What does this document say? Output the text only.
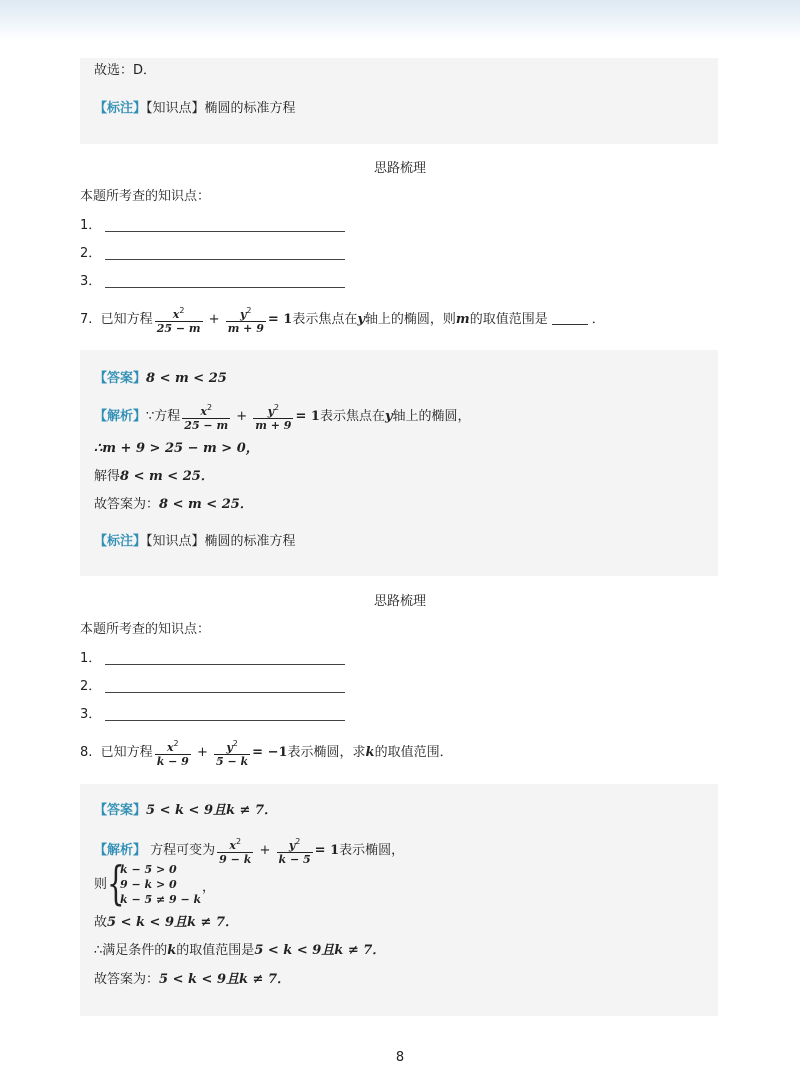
故选：D．
【标注】【知识点】椭圆的标准方程
思路梳理
本题所考查的知识点：
1．
2．
3．
7. 已知方程 $\frac{x^2}{25 - m} + \frac{y^2}{m + 9} = 1$表示焦点在y轴上的椭圆，则m的取值范围是	．
【答案】8 < m < 25
【解析】∵方程 $\frac{x^2}{25 - m} + \frac{y^2}{m + 9} = 1$表示焦点在y轴上的椭圆，
∴m + 9 > 25 − m > 0，
解得8 < m < 25．
故答案为：8 < m < 25．
【标注】【知识点】椭圆的标准方程
思路梳理
本题所考查的知识点：
1．
2．
3．
8. 已知方程 $\frac{x^2}{k - 9} + \frac{y^2}{5 - k} = -1$表示椭圆，求k的取值范围．
【答案】5 < k < 9且k ≠ 7．
【解析】 方程可变为 $\frac{x^2}{9 - k} + \frac{y^2}{k - 5} = 1$表示椭圆，
则 {
k − 5 > 0
9 − k > 0
k − 5 ≠ 9 − k
，
故5 < k < 9且k ≠ 7．
∴满足条件的k的取值范围是5 < k < 9且k ≠ 7．
故答案为：5 < k < 9且k ≠ 7．
8
